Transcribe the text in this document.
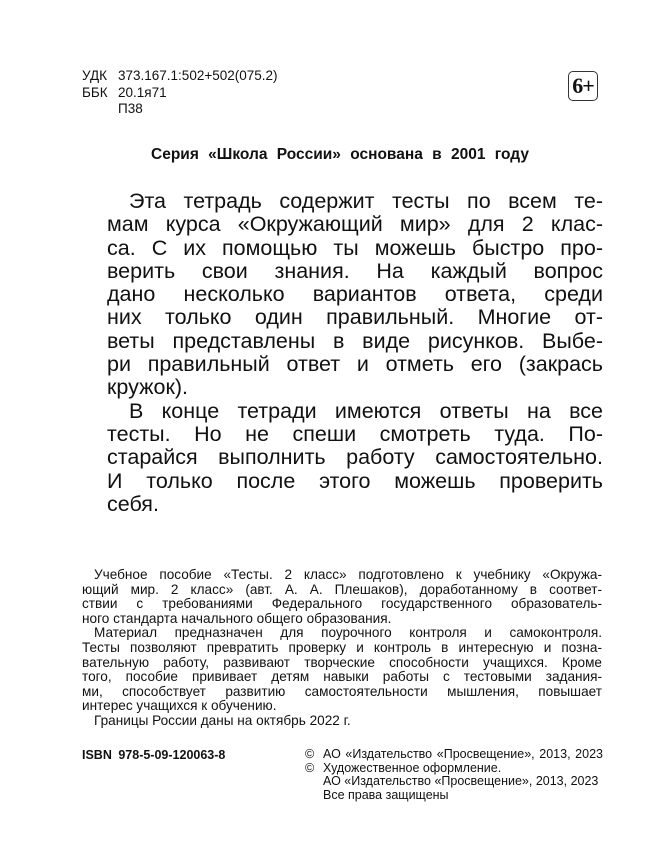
УДК 373.167.1:502+502(075.2)
ББК 20.1я71
П38
6+
Серия «Школа России» основана в 2001 году

Эта тетрадь содержит тесты по всем те-
мам курса «Окружающий мир» для 2 клас-
са. С их помощью ты можешь быстро про-
верить свои знания. На каждый вопрос
дано несколько вариантов ответа, среди
них только один правильный. Многие от-
веты представлены в виде рисунков. Выбе-
ри правильный ответ и отметь его (закрась
кружок).

В конце тетради имеются ответы на все
тесты. Но не спеши смотреть туда. По-
старайся выполнить работу самостоятельно.
И только после этого можешь проверить
себя.

Учебное пособие «Тесты. 2 класс» подготовлено к учебнику «Окружа-
ющий мир. 2 класс» (авт. А. А. Плешаков), доработанному в соответ-
ствии с требованиями Федерального государственного образователь-
ного стандарта начального общего образования.
Материал предназначен для поурочного контроля и самоконтроля.
Тесты позволяют превратить проверку и контроль в интересную и позна-
вательную работу, развивают творческие способности учащихся. Кроме
того, пособие прививает детям навыки работы с тестовыми задания-
ми, способствует развитию самостоятельности мышления, повышает
интерес учащихся к обучению.
Границы России даны на октябрь 2022 г.
ISBN 978-5-09-120063-8	© АО «Издательство «Просвещение», 2013, 2023
© Художественное оформление.
АО «Издательство «Просвещение», 2013, 2023
Все права защищены
